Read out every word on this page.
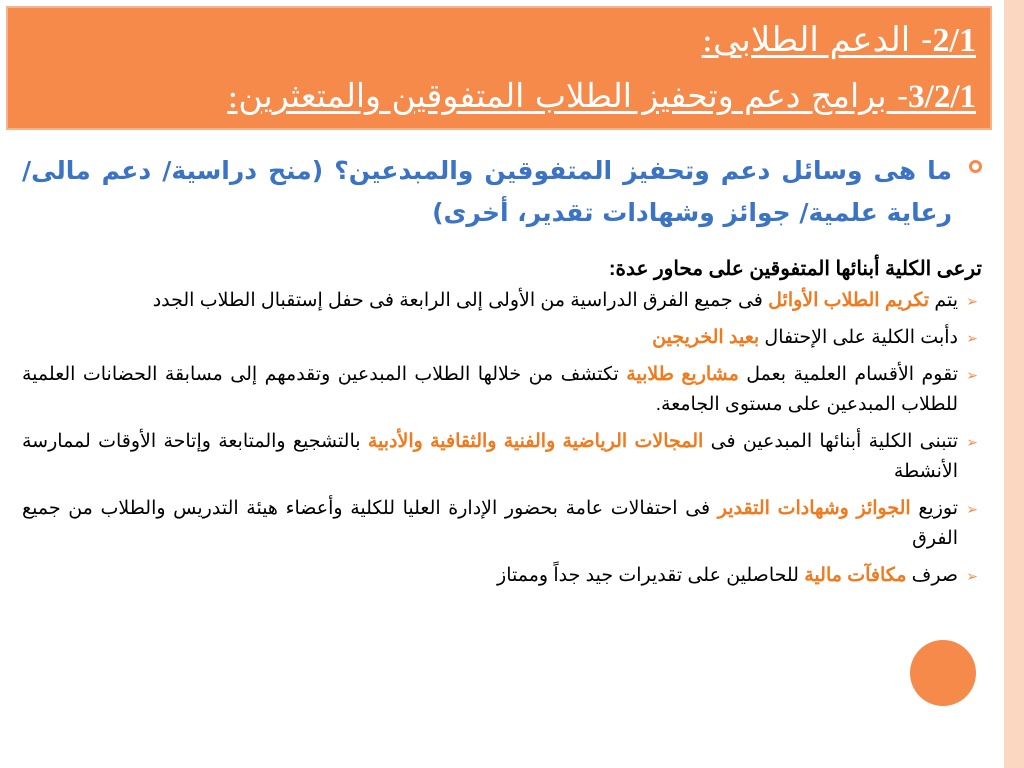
2/1- الدعم الطلابى:
3/2/1- برامج دعم وتحفيز الطلاب المتفوقين والمتعثرين:
ما هى وسائل دعم وتحفيز المتفوقين والمبدعين؟ (منح دراسية/ دعم مالى/ رعاية علمية/ جوائز وشهادات تقدير، أخرى)
ترعى الكلية أبنائها المتفوقين على محاور عدة:
➢
يتم تكريم الطلاب الأوائل فى جميع الفرق الدراسية من الأولى إلى الرابعة فى حفل إستقبال الطلاب الجدد
➢
دأبت الكلية على الإحتفال بعيد الخريجين
➢
تقوم الأقسام العلمية بعمل مشاريع طلابية تكتشف من خلالها الطلاب المبدعين وتقدمهم إلى مسابقة الحضانات العلمية للطلاب المبدعين على مستوى الجامعة.
➢
تتبنى الكلية أبنائها المبدعين فى المجالات الرياضية والفنية والثقافية والأدبية بالتشجيع والمتابعة وإتاحة الأوقات لممارسة الأنشطة
➢
توزيع الجوائز وشهادات التقدير فى احتفالات عامة بحضور الإدارة العليا للكلية وأعضاء هيئة التدريس والطلاب من جميع الفرق
➢
صرف مكافآت مالية للحاصلين على تقديرات جيد جداً وممتاز
